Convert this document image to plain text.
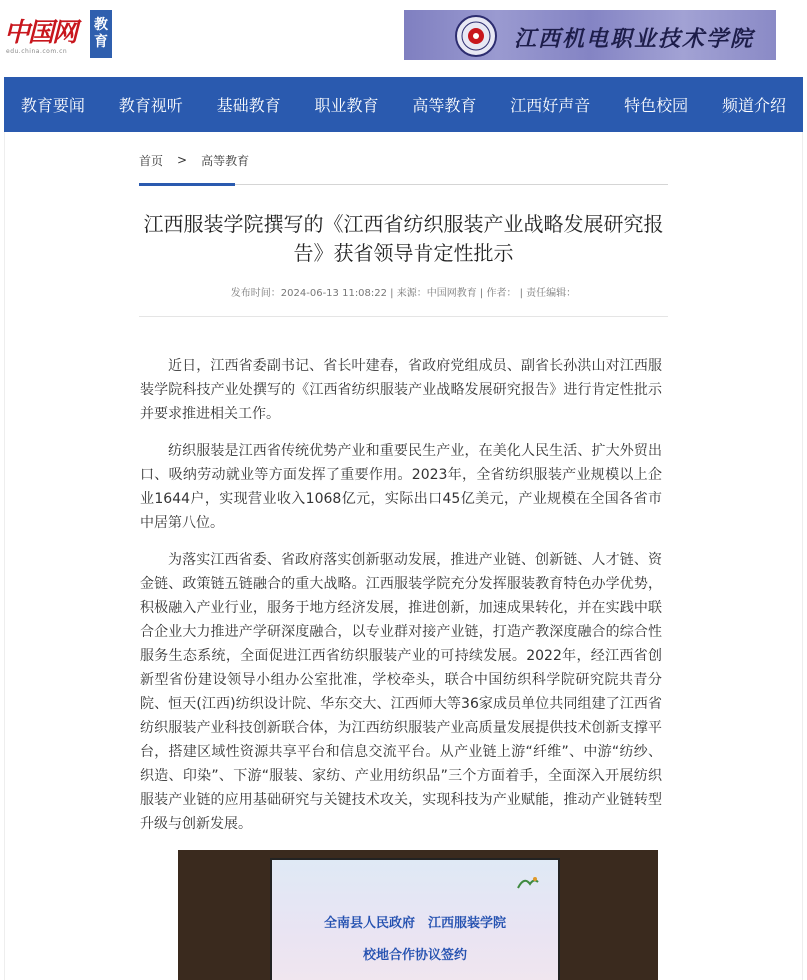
中国网
edu.china.com.cn
教
育	江西机电职业技术学院
教育要闻 教育视听 基础教育 职业教育 高等教育 江西好声音 特色校园 频道介绍
首页 > 高等教育
江西服装学院撰写的《江西省纺织服装产业战略发展研究报告》获省领导肯定性批示
发布时间：2024-06-13 11:08:22 | 来源：中国网教育 | 作者： | 责任编辑：

近日，江西省委副书记、省长叶建春，省政府党组成员、副省长孙洪山对江西服装学院科技产业处撰写的《江西省纺织服装产业战略发展研究报告》进行肯定性批示并要求推进相关工作。

纺织服装是江西省传统优势产业和重要民生产业，在美化人民生活、扩大外贸出口、吸纳劳动就业等方面发挥了重要作用。2023年，全省纺织服装产业规模以上企业1644户，实现营业收入1068亿元，实际出口45亿美元，产业规模在全国各省市中居第八位。

为落实江西省委、省政府落实创新驱动发展，推进产业链、创新链、人才链、资金链、政策链五链融合的重大战略。江西服装学院充分发挥服装教育特色办学优势，积极融入产业行业，服务于地方经济发展，推进创新，加速成果转化，并在实践中联合企业大力推进产学研深度融合，以专业群对接产业链，打造产教深度融合的综合性服务生态系统，全面促进江西省纺织服装产业的可持续发展。2022年，经江西省创新型省份建设领导小组办公室批准，学校牵头，联合中国纺织科学院研究院共青分院、恒天(江西)纺织设计院、华东交大、江西师大等36家成员单位共同组建了江西省纺织服装产业科技创新联合体，为江西纺织服装产业高质量发展提供技术创新支撑平台，搭建区域性资源共享平台和信息交流平台。从产业链上游“纤维”、中游“纺纱、织造、印染”、下游“服装、家纺、产业用纺织品”三个方面着手，全面深入开展纺织服装产业链的应用基础研究与关键技术攻关，实现科技为产业赋能，推动产业链转型升级与创新发展。

全南县人民政府　江西服装学院
校地合作协议签约
